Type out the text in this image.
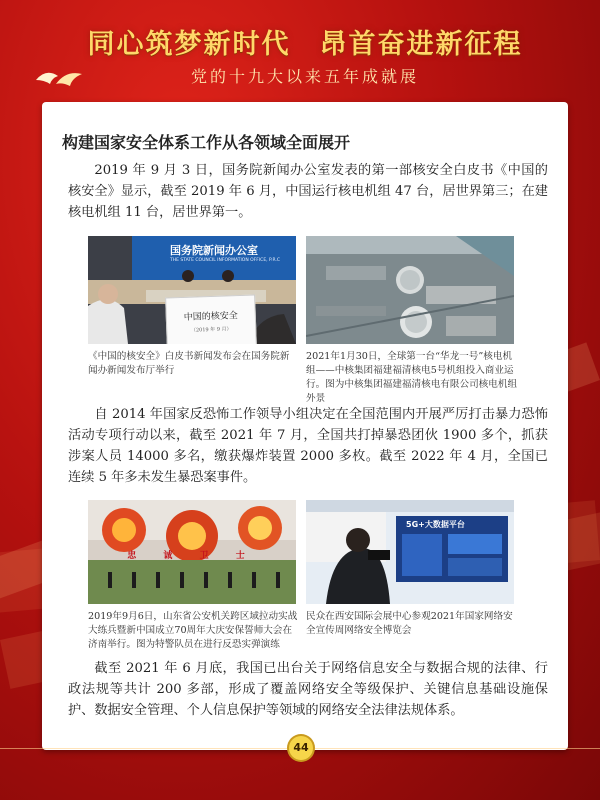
同心筑梦新时代　昂首奋进新征程
党的十九大以来五年成就展
构建国家安全体系工作从各领域全面展开

2019 年 9 月 3 日，国务院新闻办公室发表的第一部核安全白皮书《中国的核安全》显示，截至 2019 年 6 月，中国运行核电机组 47 台，居世界第三；在建核电机组 11 台，居世界第一。

国务院新闻办公室
THE STATE COUNCIL INFORMATION OFFICE, P.R.C
中国的核安全
（2019 年 9 月）

《中国的核安全》白皮书新闻发布会在国务院新闻办新闻发布厅举行

2021年1月30日，全球第一台“华龙一号”核电机组——中核集团福建福清核电5号机组投入商业运行。图为中核集团福建福清核电有限公司核电机组外景

自 2014 年国家反恐怖工作领导小组决定在全国范围内开展严厉打击暴力恐怖活动专项行动以来，截至 2021 年 7 月，全国共打掉暴恐团伙 1900 多个，抓获涉案人员 14000 多名，缴获爆炸装置 2000 多枚。截至 2022 年 4 月，全国已连续 5 年多未发生暴恐案事件。

忠 诚 卫 士

2019年9月6日，山东省公安机关跨区域拉动实战大练兵暨新中国成立70周年大庆安保誓师大会在济南举行。图为特警队员在进行反恐实弹演练

5G+大数据平台

民众在西安国际会展中心参观2021年国家网络安全宣传周网络安全博览会

截至 2021 年 6 月底，我国已出台关于网络信息安全与数据合规的法律、行政法规等共计 200 多部，形成了覆盖网络安全等级保护、关键信息基础设施保护、数据安全管理、个人信息保护等领域的网络安全法律法规体系。

44
